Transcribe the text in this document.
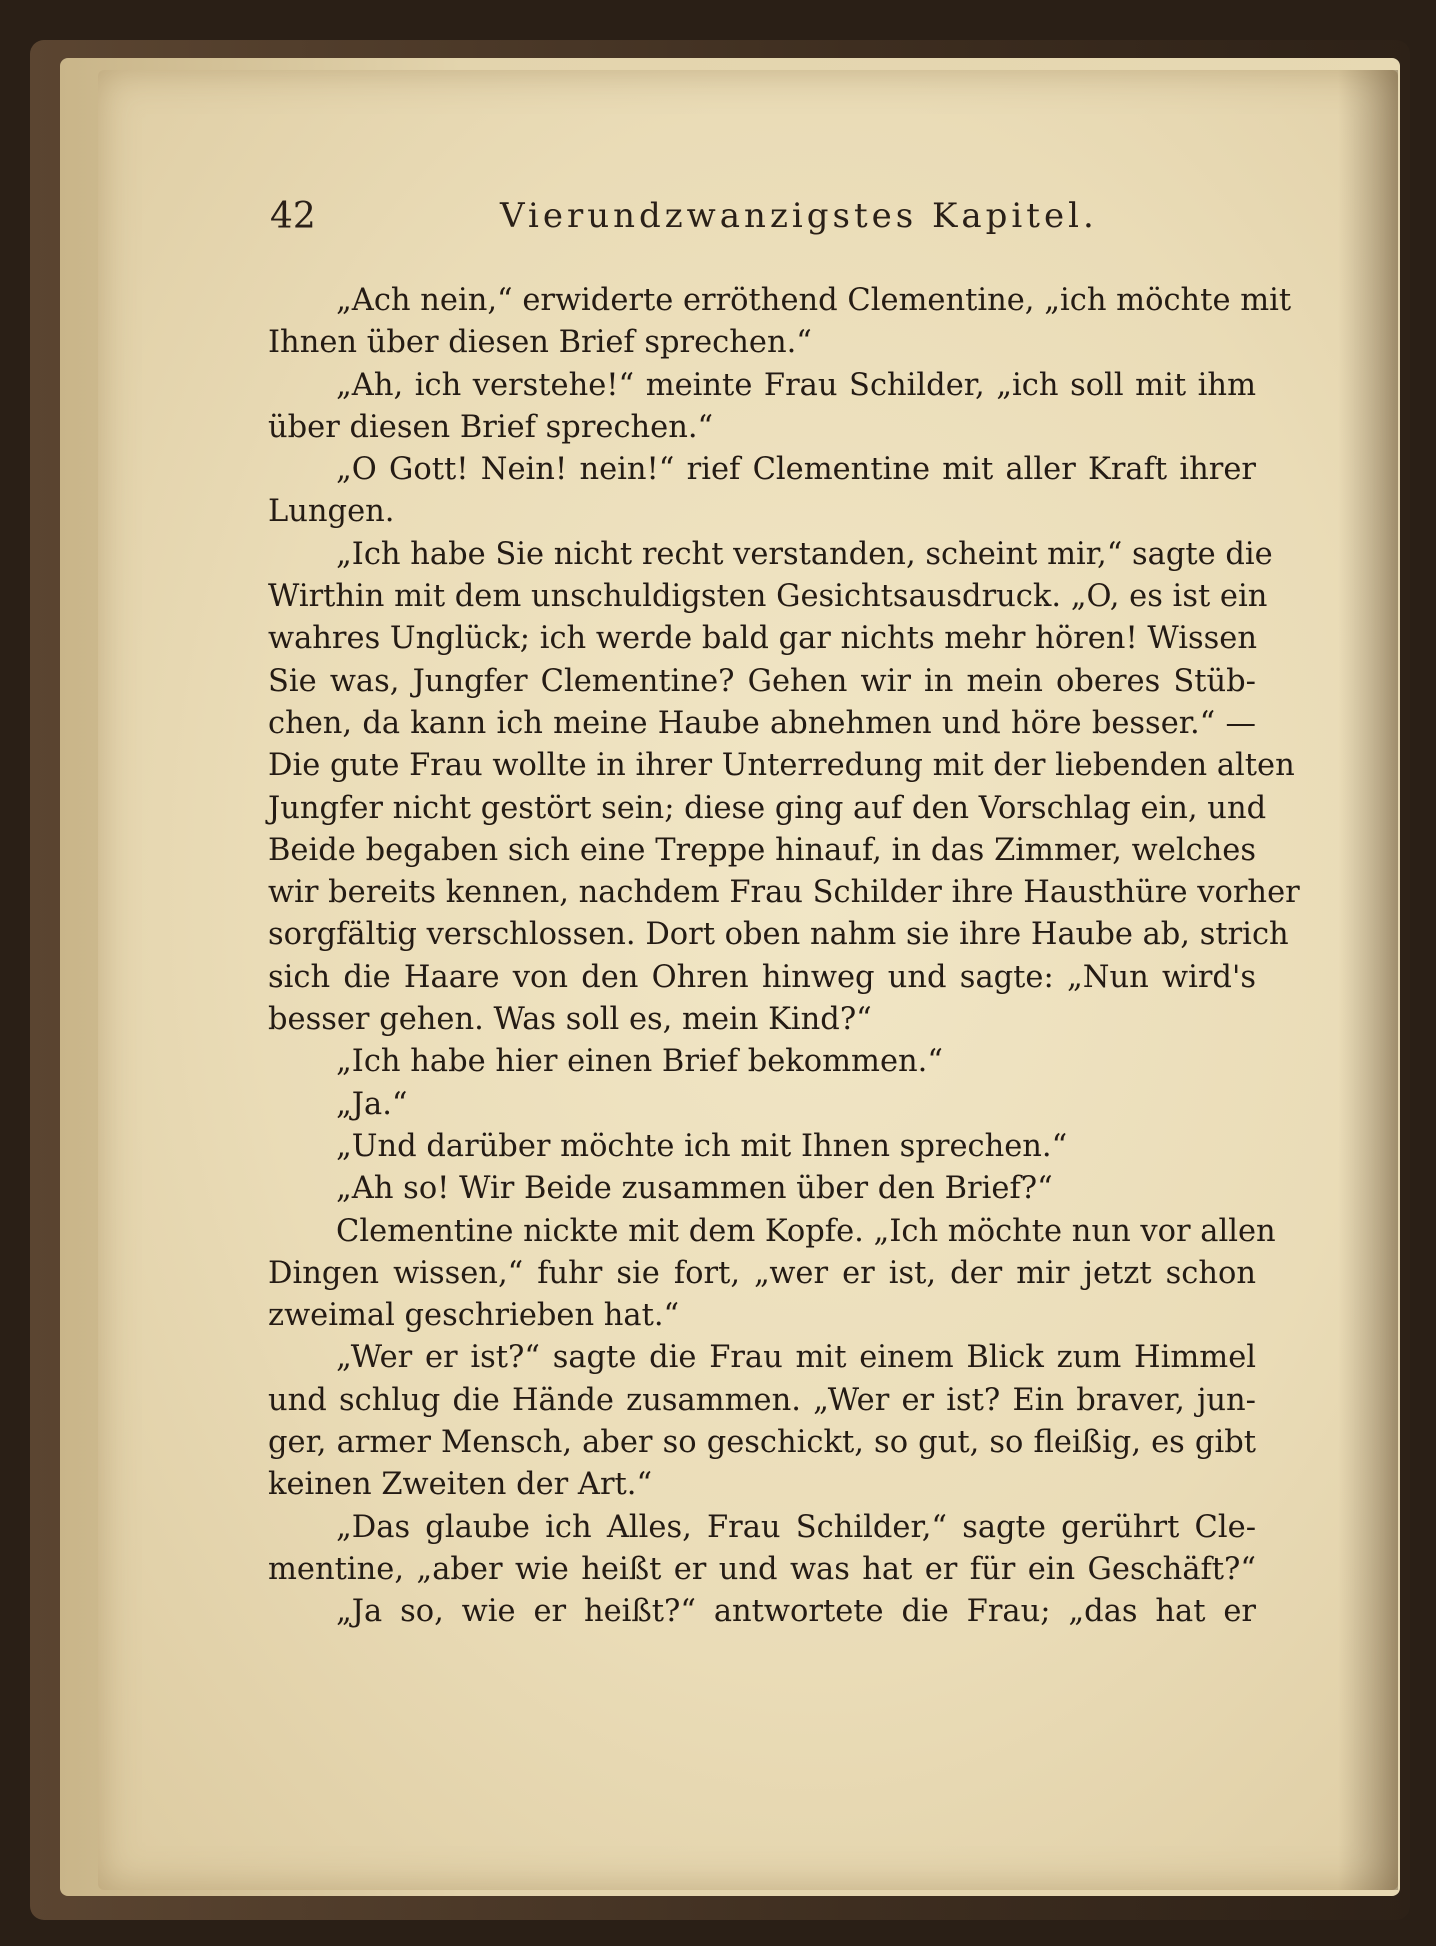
42	Vierundzwanzigstes Kapitel.

„Ach nein,“ erwiderte erröthend Clementine, „ich möchte mit

Ihnen über diesen Brief sprechen.“

„Ah, ich verstehe!“ meinte Frau Schilder, „ich soll mit ihm

über diesen Brief sprechen.“

„O Gott! Nein! nein!“ rief Clementine mit aller Kraft ihrer

Lungen.

„Ich habe Sie nicht recht verstanden, scheint mir,“ sagte die

Wirthin mit dem unschuldigsten Gesichtsausdruck. „O, es ist ein

wahres Unglück; ich werde bald gar nichts mehr hören! Wissen

Sie was, Jungfer Clementine? Gehen wir in mein oberes Stüb-

chen, da kann ich meine Haube abnehmen und höre besser.“ —

Die gute Frau wollte in ihrer Unterredung mit der liebenden alten

Jungfer nicht gestört sein; diese ging auf den Vorschlag ein, und

Beide begaben sich eine Treppe hinauf, in das Zimmer, welches

wir bereits kennen, nachdem Frau Schilder ihre Hausthüre vorher

sorgfältig verschlossen. Dort oben nahm sie ihre Haube ab, strich

sich die Haare von den Ohren hinweg und sagte: „Nun wird's

besser gehen. Was soll es, mein Kind?“

„Ich habe hier einen Brief bekommen.“

„Ja.“

„Und darüber möchte ich mit Ihnen sprechen.“

„Ah so! Wir Beide zusammen über den Brief?“

Clementine nickte mit dem Kopfe. „Ich möchte nun vor allen

Dingen wissen,“ fuhr sie fort, „wer er ist, der mir jetzt schon

zweimal geschrieben hat.“

„Wer er ist?“ sagte die Frau mit einem Blick zum Himmel

und schlug die Hände zusammen. „Wer er ist? Ein braver, jun-

ger, armer Mensch, aber so geschickt, so gut, so fleißig, es gibt

keinen Zweiten der Art.“

„Das glaube ich Alles, Frau Schilder,“ sagte gerührt Cle-

mentine, „aber wie heißt er und was hat er für ein Geschäft?“

„Ja so, wie er heißt?“ antwortete die Frau; „das hat er
